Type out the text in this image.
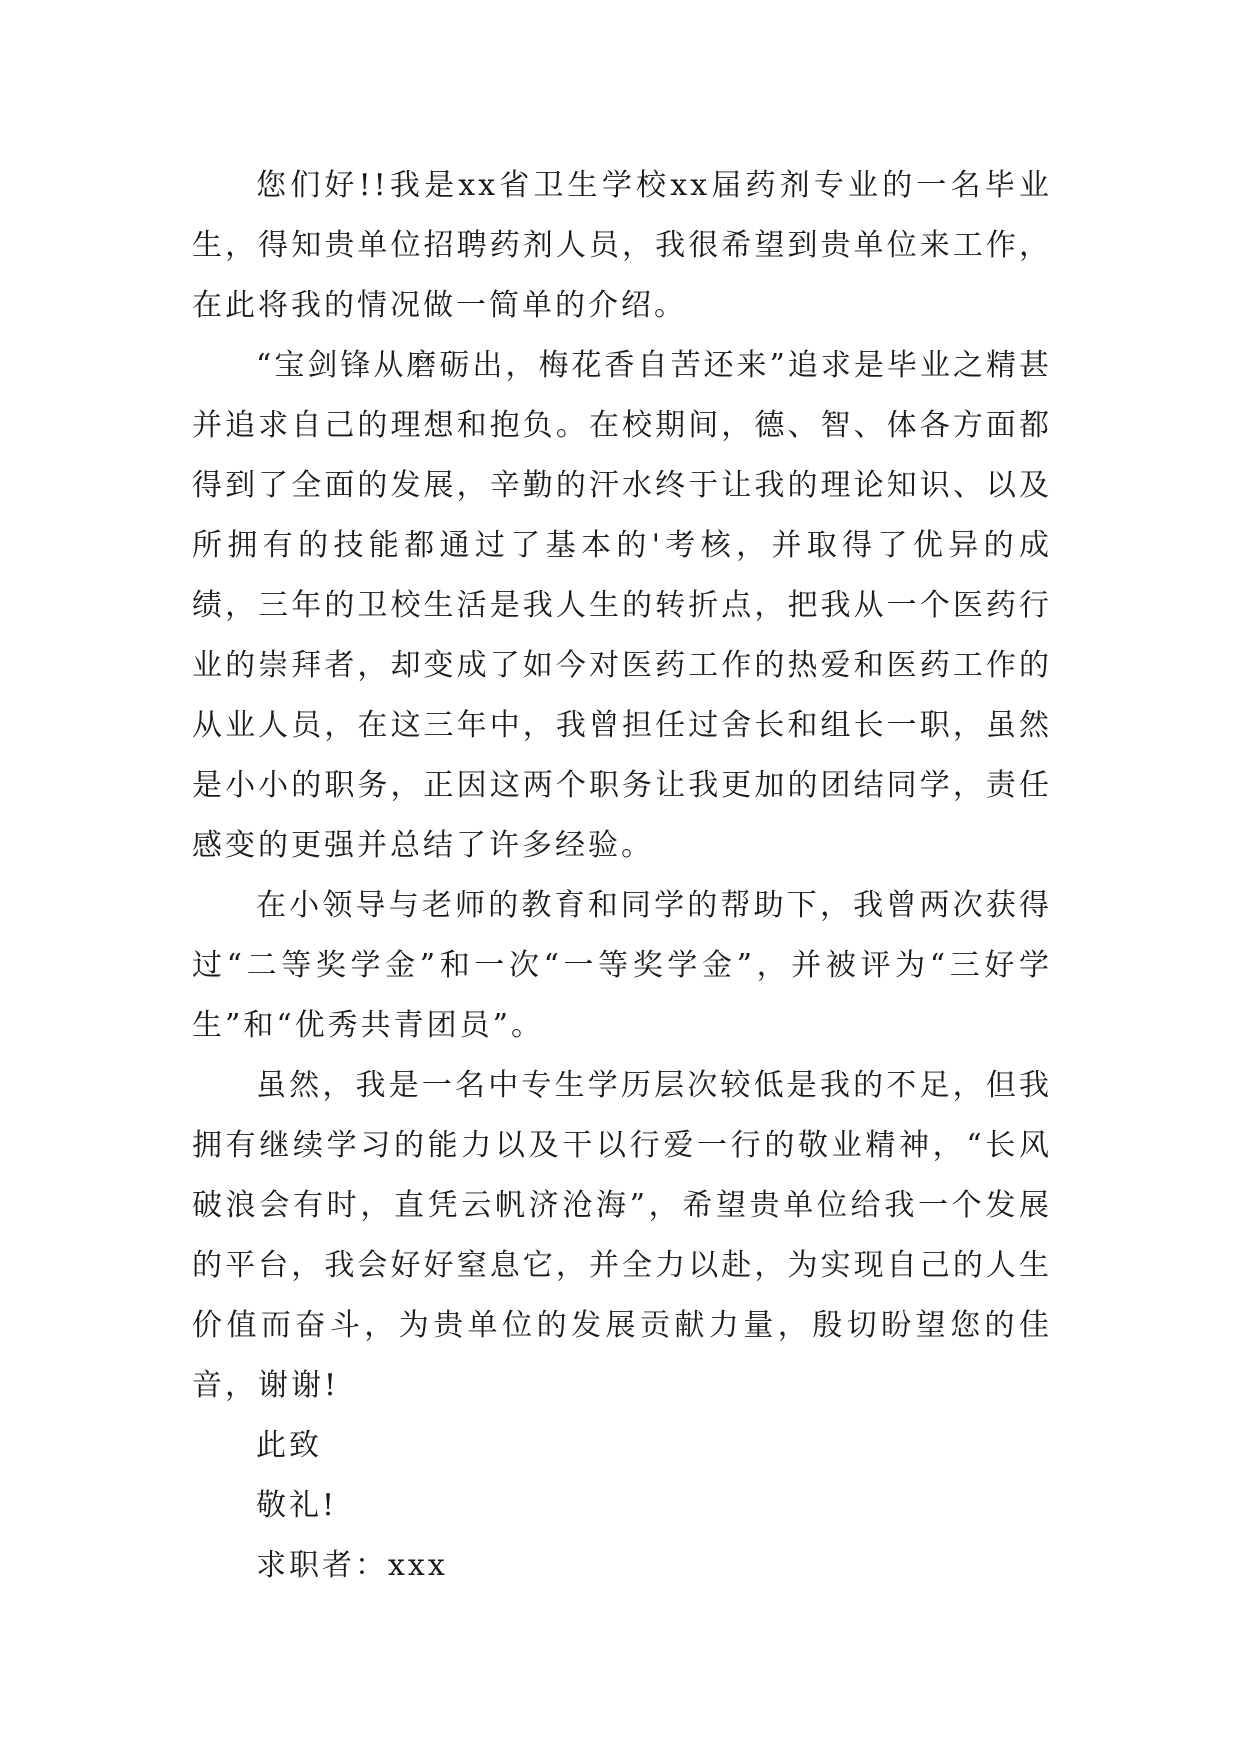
您们好!!我是xx省卫生学校xx届药剂专业的一名毕业生，得知贵单位招聘药剂人员，我很希望到贵单位来工作，在此将我的情况做一简单的介绍。

“宝剑锋从磨砺出，梅花香自苦还来”追求是毕业之精甚并追求自己的理想和抱负。在校期间，德、智、体各方面都得到了全面的发展，辛勤的汗水终于让我的理论知识、以及所拥有的技能都通过了基本的'考核，并取得了优异的成绩，三年的卫校生活是我人生的转折点，把我从一个医药行业的崇拜者，却变成了如今对医药工作的热爱和医药工作的从业人员，在这三年中，我曾担任过舍长和组长一职，虽然是小小的职务，正因这两个职务让我更加的团结同学，责任感变的更强并总结了许多经验。

在小领导与老师的教育和同学的帮助下，我曾两次获得过“二等奖学金”和一次“一等奖学金”，并被评为“三好学生”和“优秀共青团员”。

虽然，我是一名中专生学历层次较低是我的不足，但我拥有继续学习的能力以及干以行爱一行的敬业精神，“长风破浪会有时，直凭云帆济沧海”，希望贵单位给我一个发展的平台，我会好好窒息它，并全力以赴，为实现自己的人生价值而奋斗，为贵单位的发展贡献力量，殷切盼望您的佳音，谢谢!

此致

敬礼!

求职者：xxx
